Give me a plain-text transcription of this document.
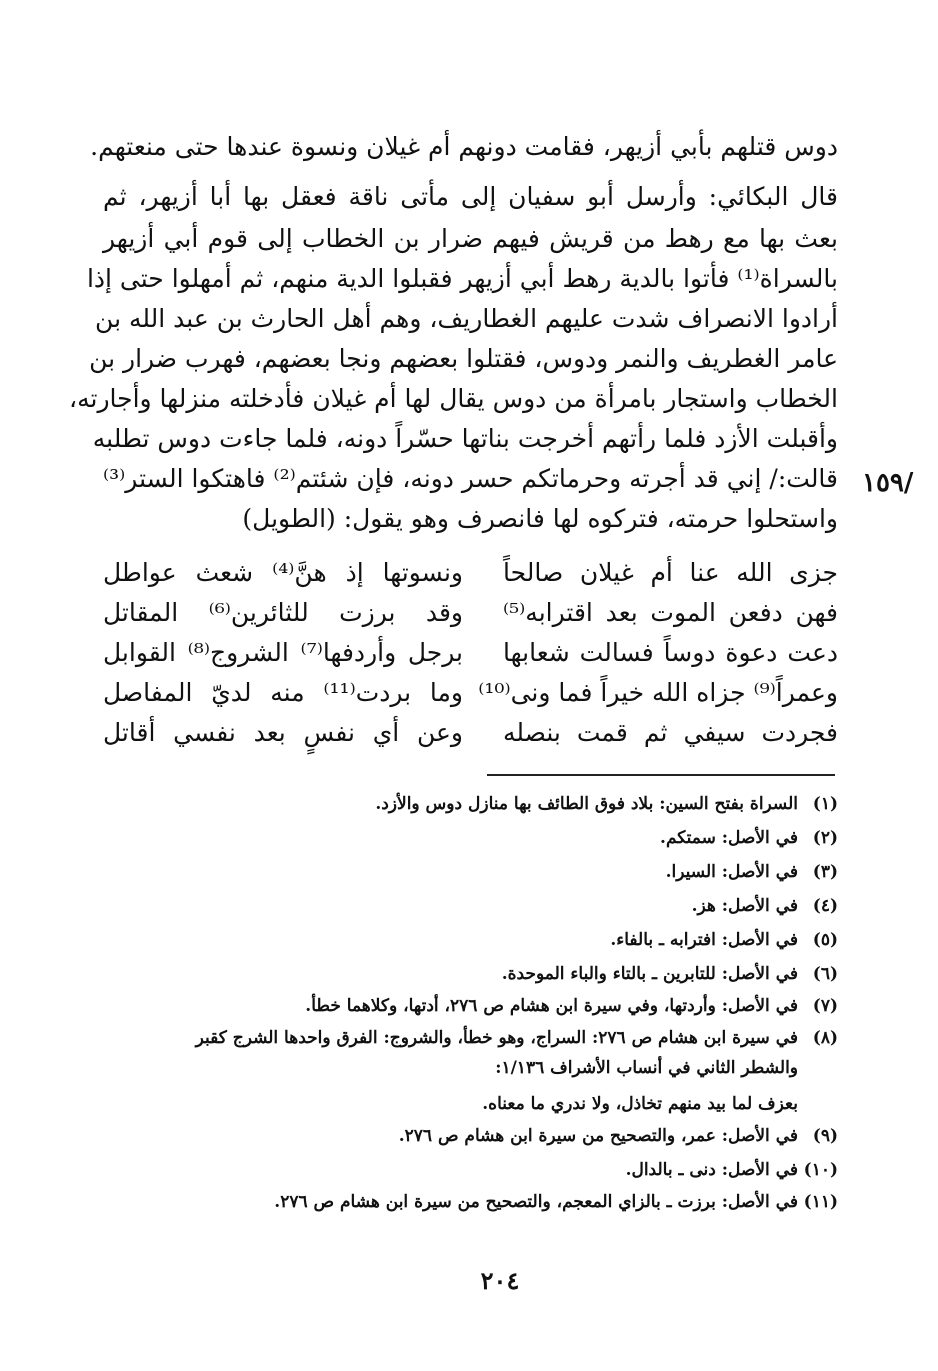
دوس قتلهم بأبي أزيهر، فقامت دونهم أم غيلان ونسوة عندها حتى منعتهم.
قال البكائي: وأرسل أبو سفيان إلى مأتى ناقة فعقل بها أبا أزيهر، ثم
بعث بها مع رهط من قريش فيهم ضرار بن الخطاب إلى قوم أبي أزيهر
بالسراة⁽¹⁾ فأتوا بالدية رهط أبي أزيهر فقبلوا الدية منهم، ثم أمهلوا حتى إذا
أرادوا الانصراف شدت عليهم الغطاريف، وهم أهل الحارث بن عبد الله بن
عامر الغطريف والنمر ودوس، فقتلوا بعضهم ونجا بعضهم، فهرب ضرار بن
الخطاب واستجار بامرأة من دوس يقال لها أم غيلان فأدخلته منزلها وأجارته،
وأقبلت الأزد فلما رأتهم أخرجت بناتها حسّراً دونه، فلما جاءت دوس تطلبه
قالت:/ إني قد أجرته وحرماتكم حسر دونه، فإن شئتم⁽²⁾ فاهتكوا الستر⁽³⁾
واستحلوا حرمته، فتركوه لها فانصرف وهو يقول: (الطويل)
/١٥٩
جزى الله عنا أم غيلان صالحاً
ونسوتها إذ هنَّ⁽⁴⁾ شعث عواطل
فهن دفعن الموت بعد اقترابه⁽⁵⁾
وقد برزت للثائرين⁽⁶⁾ المقاتل
دعت دعوة دوساً فسالت شعابها
برجل وأردفها⁽⁷⁾ الشروج⁽⁸⁾ القوابل
وعمراً⁽⁹⁾ جزاه الله خيراً فما ونى⁽¹⁰⁾
وما بردت⁽¹¹⁾ منه لديّ المفاصل
فجردت سيفي ثم قمت بنصله
وعن أي نفسٍ بعد نفسي أقاتل
(١)
السراة بفتح السين: بلاد فوق الطائف بها منازل دوس والأزد.
(٢)
في الأصل: سمتكم.
(٣)
في الأصل: السيرا.
(٤)
في الأصل: هز.
(٥)
في الأصل: افترابه ـ بالفاء.
(٦)
في الأصل: للتابرين ـ بالتاء والباء الموحدة.
(٧)
في الأصل: وأردتها، وفي سيرة ابن هشام ص ٢٧٦، أدتها، وكلاهما خطأ.
(٨)
في سيرة ابن هشام ص ٢٧٦: السراج، وهو خطأ، والشروج: الفرق واحدها الشرج كقبر
والشطر الثاني في أنساب الأشراف ١/١٣٦:
بعزف لما بيد منهم تخاذل، ولا ندري ما معناه.
(٩)
في الأصل: عمر، والتصحيح من سيرة ابن هشام ص ٢٧٦.
(١٠)
في الأصل: دنى ـ بالدال.
(١١)
في الأصل: برزت ـ بالزاي المعجم، والتصحيح من سيرة ابن هشام ص ٢٧٦.
٢٠٤
